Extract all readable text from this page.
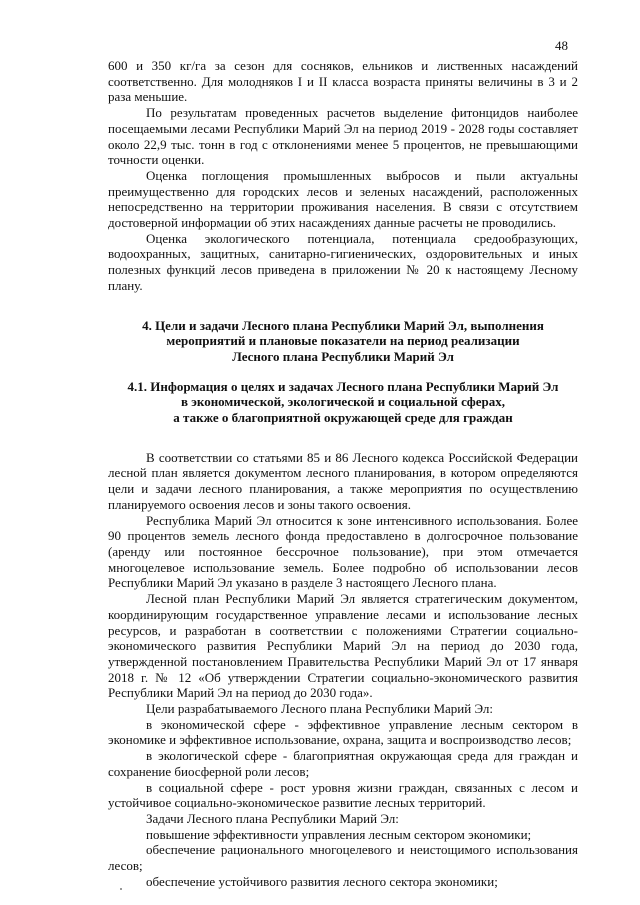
48

600 и 350 кг/га за сезон для сосняков, ельников и лиственных насаждений соответственно. Для молодняков I и II класса возраста приняты величины в 3 и 2 раза меньшие.

По результатам проведенных расчетов выделение фитонцидов наиболее посещаемыми лесами Республики Марий Эл на период 2019 - 2028 годы составляет около 22,9 тыс. тонн в год с отклонениями менее 5 процентов, не превышающими точности оценки.

Оценка поглощения промышленных выбросов и пыли актуальны преимущественно для городских лесов и зеленых насаждений, расположенных непосредственно на территории проживания населения. В связи с отсутствием достоверной информации об этих насаждениях данные расчеты не проводились.

Оценка экологического потенциала, потенциала средообразующих, водоохранных, защитных, санитарно-гигиенических, оздоровительных и иных полезных функций лесов приведена в приложении № 20 к настоящему Лесному плану.

4. Цели и задачи Лесного плана Республики Марий Эл, выполнения

мероприятий и плановые показатели на период реализации

Лесного плана Республики Марий Эл

4.1. Информация о целях и задачах Лесного плана Республики Марий Эл

в экономической, экологической и социальной сферах,

а также о благоприятной окружающей среде для граждан

В соответствии со статьями 85 и 86 Лесного кодекса Российской Федерации лесной план является документом лесного планирования, в котором определяются цели и задачи лесного планирования, а также мероприятия по осуществлению планируемого освоения лесов и зоны такого освоения.

Республика Марий Эл относится к зоне интенсивного использования. Более 90 процентов земель лесного фонда предоставлено в долгосрочное пользование (аренду или постоянное бессрочное пользование), при этом отмечается многоцелевое использование земель. Более подробно об использовании лесов Республики Марий Эл указано в разделе 3 настоящего Лесного плана.

Лесной план Республики Марий Эл является стратегическим документом, координирующим государственное управление лесами и использование лесных ресурсов, и разработан в соответствии с положениями Стратегии социально-экономического развития Республики Марий Эл на период до 2030 года, утвержденной постановлением Правительства Республики Марий Эл от 17 января 2018 г. № 12 «Об утверждении Стратегии социально-экономического развития Республики Марий Эл на период до 2030 года».

Цели разрабатываемого Лесного плана Республики Марий Эл:

в экономической сфере - эффективное управление лесным сектором в экономике и эффективное использование, охрана, защита и воспроизводство лесов;

в экологической сфере - благоприятная окружающая среда для граждан и сохранение биосферной роли лесов;

в социальной сфере - рост уровня жизни граждан, связанных с лесом и устойчивое социально-экономическое развитие лесных территорий.

Задачи Лесного плана Республики Марий Эл:

повышение эффективности управления лесным сектором экономики;

обеспечение рационального многоцелевого и неистощимого использования лесов;

обеспечение устойчивого развития лесного сектора экономики;
